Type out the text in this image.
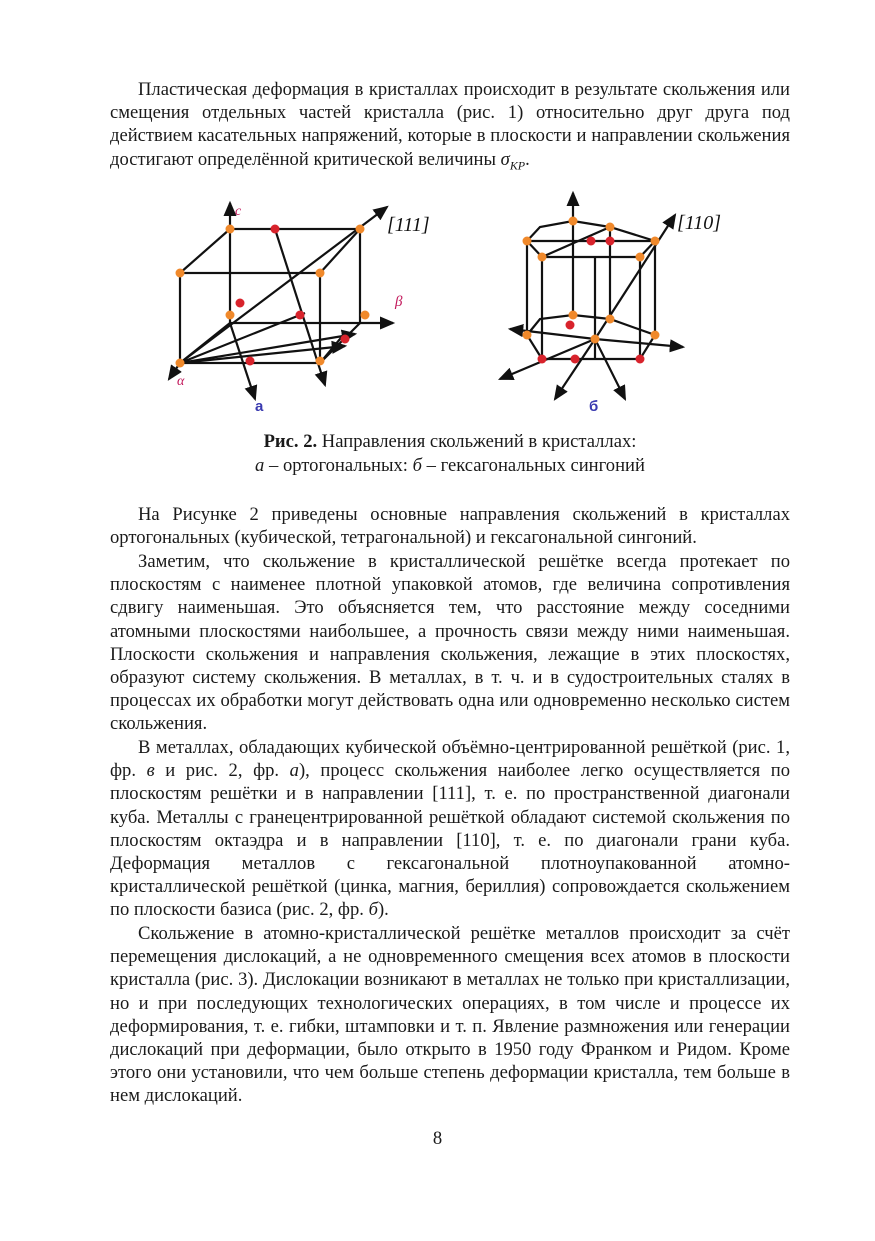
Пластическая деформация в кристаллах происходит в результате скольжения или смещения отдельных частей кристалла (рис. 1) относительно друг друга под действием касательных напряжений, которые в плоскости и направлении скольжения достигают определённой критической величины $\sigma_{КР}$.

c
β
α
[111]
а
[110]
б
Рис. 2. Направления скольжений в кристаллах:
а – ортогональных: б – гексагональных сингоний

На Рисунке 2 приведены основные направления скольжений в кристаллах ортогональных (кубической, тетрагональной) и гексагональной сингоний.

Заметим, что скольжение в кристаллической решётке всегда протекает по плоскостям с наименее плотной упаковкой атомов, где величина сопротивления сдвигу наименьшая. Это объясняется тем, что расстояние между соседними атомными плоскостями наибольшее, а прочность связи между ними наименьшая. Плоскости скольжения и направления скольжения, лежащие в этих плоскостях, образуют систему скольжения. В металлах, в т. ч. и в судостроительных сталях в процессах их обработки могут действовать одна или одновременно несколько систем скольжения.

В металлах, обладающих кубической объёмно-центрированной решёткой (рис. 1, фр. в и рис. 2, фр. а), процесс скольжения наиболее легко осуществляется по плоскостям решётки и в направлении [111], т. е. по пространственной диагонали куба. Металлы с гранецентрированной решёткой обладают системой скольжения по плоскостям октаэдра и в направлении [110], т. е. по диагонали грани куба. Деформация металлов с гексагональной плотноупакованной атомно-кристаллической решёткой (цинка, магния, бериллия) сопровождается скольжением по плоскости базиса (рис. 2, фр. б).

Скольжение в атомно-кристаллической решётке металлов происходит за счёт перемещения дислокаций, а не одновременного смещения всех атомов в плоскости кристалла (рис. 3). Дислокации возникают в металлах не только при кристаллизации, но и при последующих технологических операциях, в том числе и процессе их деформирования, т. е. гибки, штамповки и т. п. Явление размножения или генерации дислокаций при деформации, было открыто в 1950 году Франком и Ридом. Кроме этого они установили, что чем больше степень деформации кристалла, тем больше в нем дислокаций.

8
